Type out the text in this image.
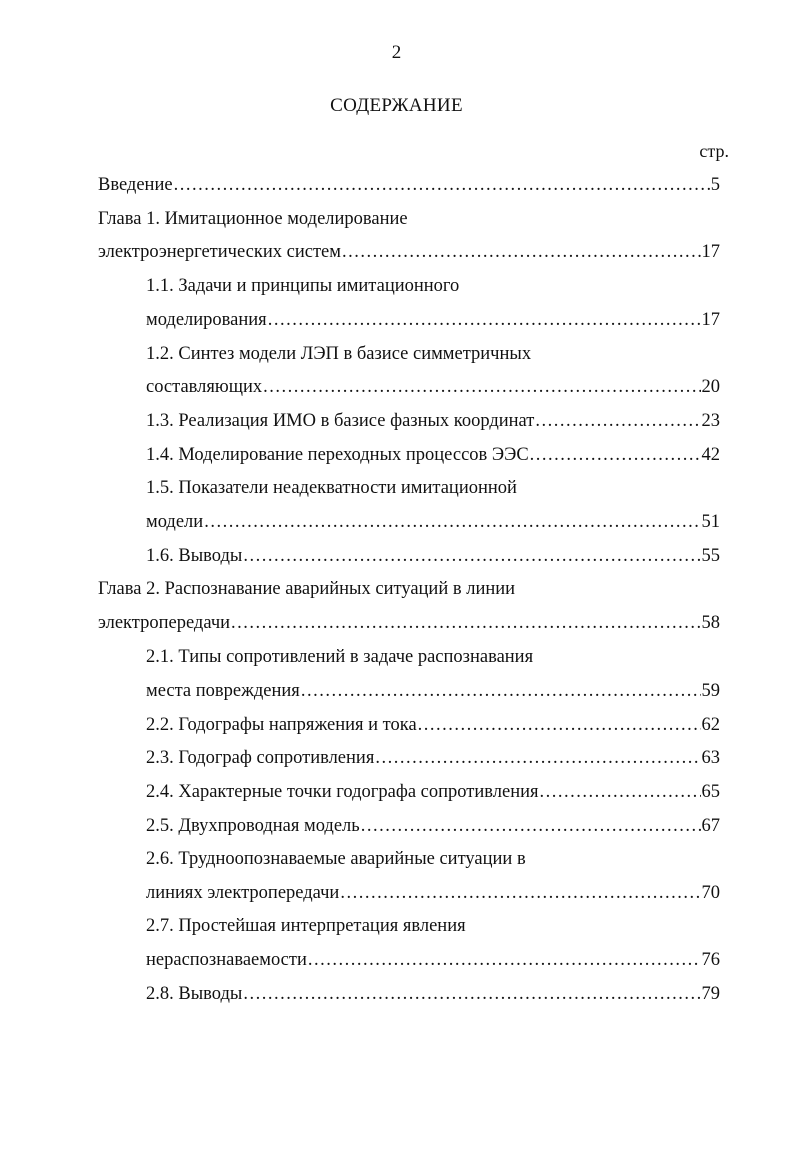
2
СОДЕРЖАНИЕ
стр.
Введение .....	5
Глава 1. Имитационное моделирование
электроэнергетических систем .....	17
1.1. Задачи и принципы имитационного
моделирования .....	17
1.2. Синтез модели ЛЭП в базисе симметричных
составляющих .....	20
1.3. Реализация ИМО в базисе фазных координат .....	23
1.4. Моделирование переходных процессов ЭЭС .....	42
1.5. Показатели неадекватности имитационной
модели .....	51
1.6. Выводы .....	55
Глава 2. Распознавание аварийных ситуаций в линии
электропередачи .....	58
2.1. Типы сопротивлений в задаче распознавания
места повреждения .....	59
2.2. Годографы напряжения и тока .....	62
2.3. Годограф сопротивления .....	63
2.4. Характерные точки годографа сопротивления .....	65
2.5. Двухпроводная модель .....	67
2.6. Трудноопознаваемые аварийные ситуации в
линиях электропередачи .....	70
2.7. Простейшая интерпретация явления
нераспознаваемости .....	76
2.8. Выводы .....	79
